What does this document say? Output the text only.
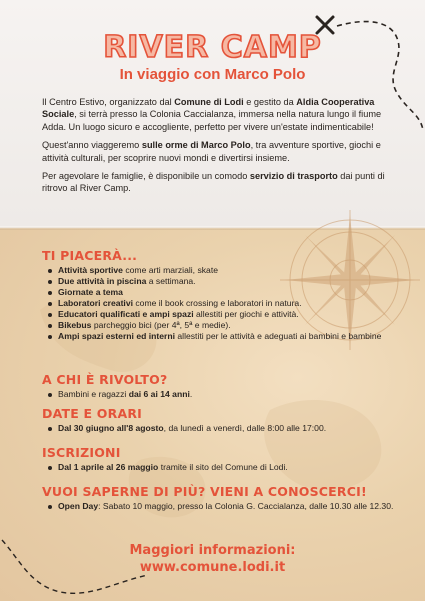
RIVER CAMP
In viaggio con Marco Polo

Il Centro Estivo, organizzato dal Comune di Lodi e gestito da Aldia Cooperativa Sociale, si terrà presso la Colonia Caccialanza, immersa nella natura lungo il fiume Adda. Un luogo sicuro e accogliente, perfetto per vivere un'estate indimenticabile!

Quest'anno viaggeremo sulle orme di Marco Polo, tra avventure sportive, giochi e attività culturali, per scoprire nuovi mondi e divertirsi insieme.

Per agevolare le famiglie, è disponibile un comodo servizio di trasporto dai punti di ritrovo al River Camp.

TI PIACERÀ...
Attività sportive come arti marziali, skate
Due attività in piscina a settimana.
Giornate a tema
Laboratori creativi come il book crossing e laboratori in natura.
Educatori qualificati e ampi spazi allestiti per giochi e attività.
Bikebus parcheggio bici (per 4ª, 5ª e medie).
Ampi spazi esterni ed interni allestiti per le attività e adeguati ai bambini e bambine
A CHI È RIVOLTO?
Bambini e ragazzi dai 6 ai 14 anni.
DATE E ORARI
Dal 30 giugno all'8 agosto, da lunedì a venerdì, dalle 8:00 alle 17:00.
ISCRIZIONI
Dal 1 aprile al 26 maggio tramite il sito del Comune di Lodi.
VUOI SAPERNE DI PIÙ? VIENI A CONOSCERCI!
Open Day: Sabato 10 maggio, presso la Colonia G. Caccialanza, dalle 10.30 alle 12.30.
Maggiori informazioni:
www.comune.lodi.it
